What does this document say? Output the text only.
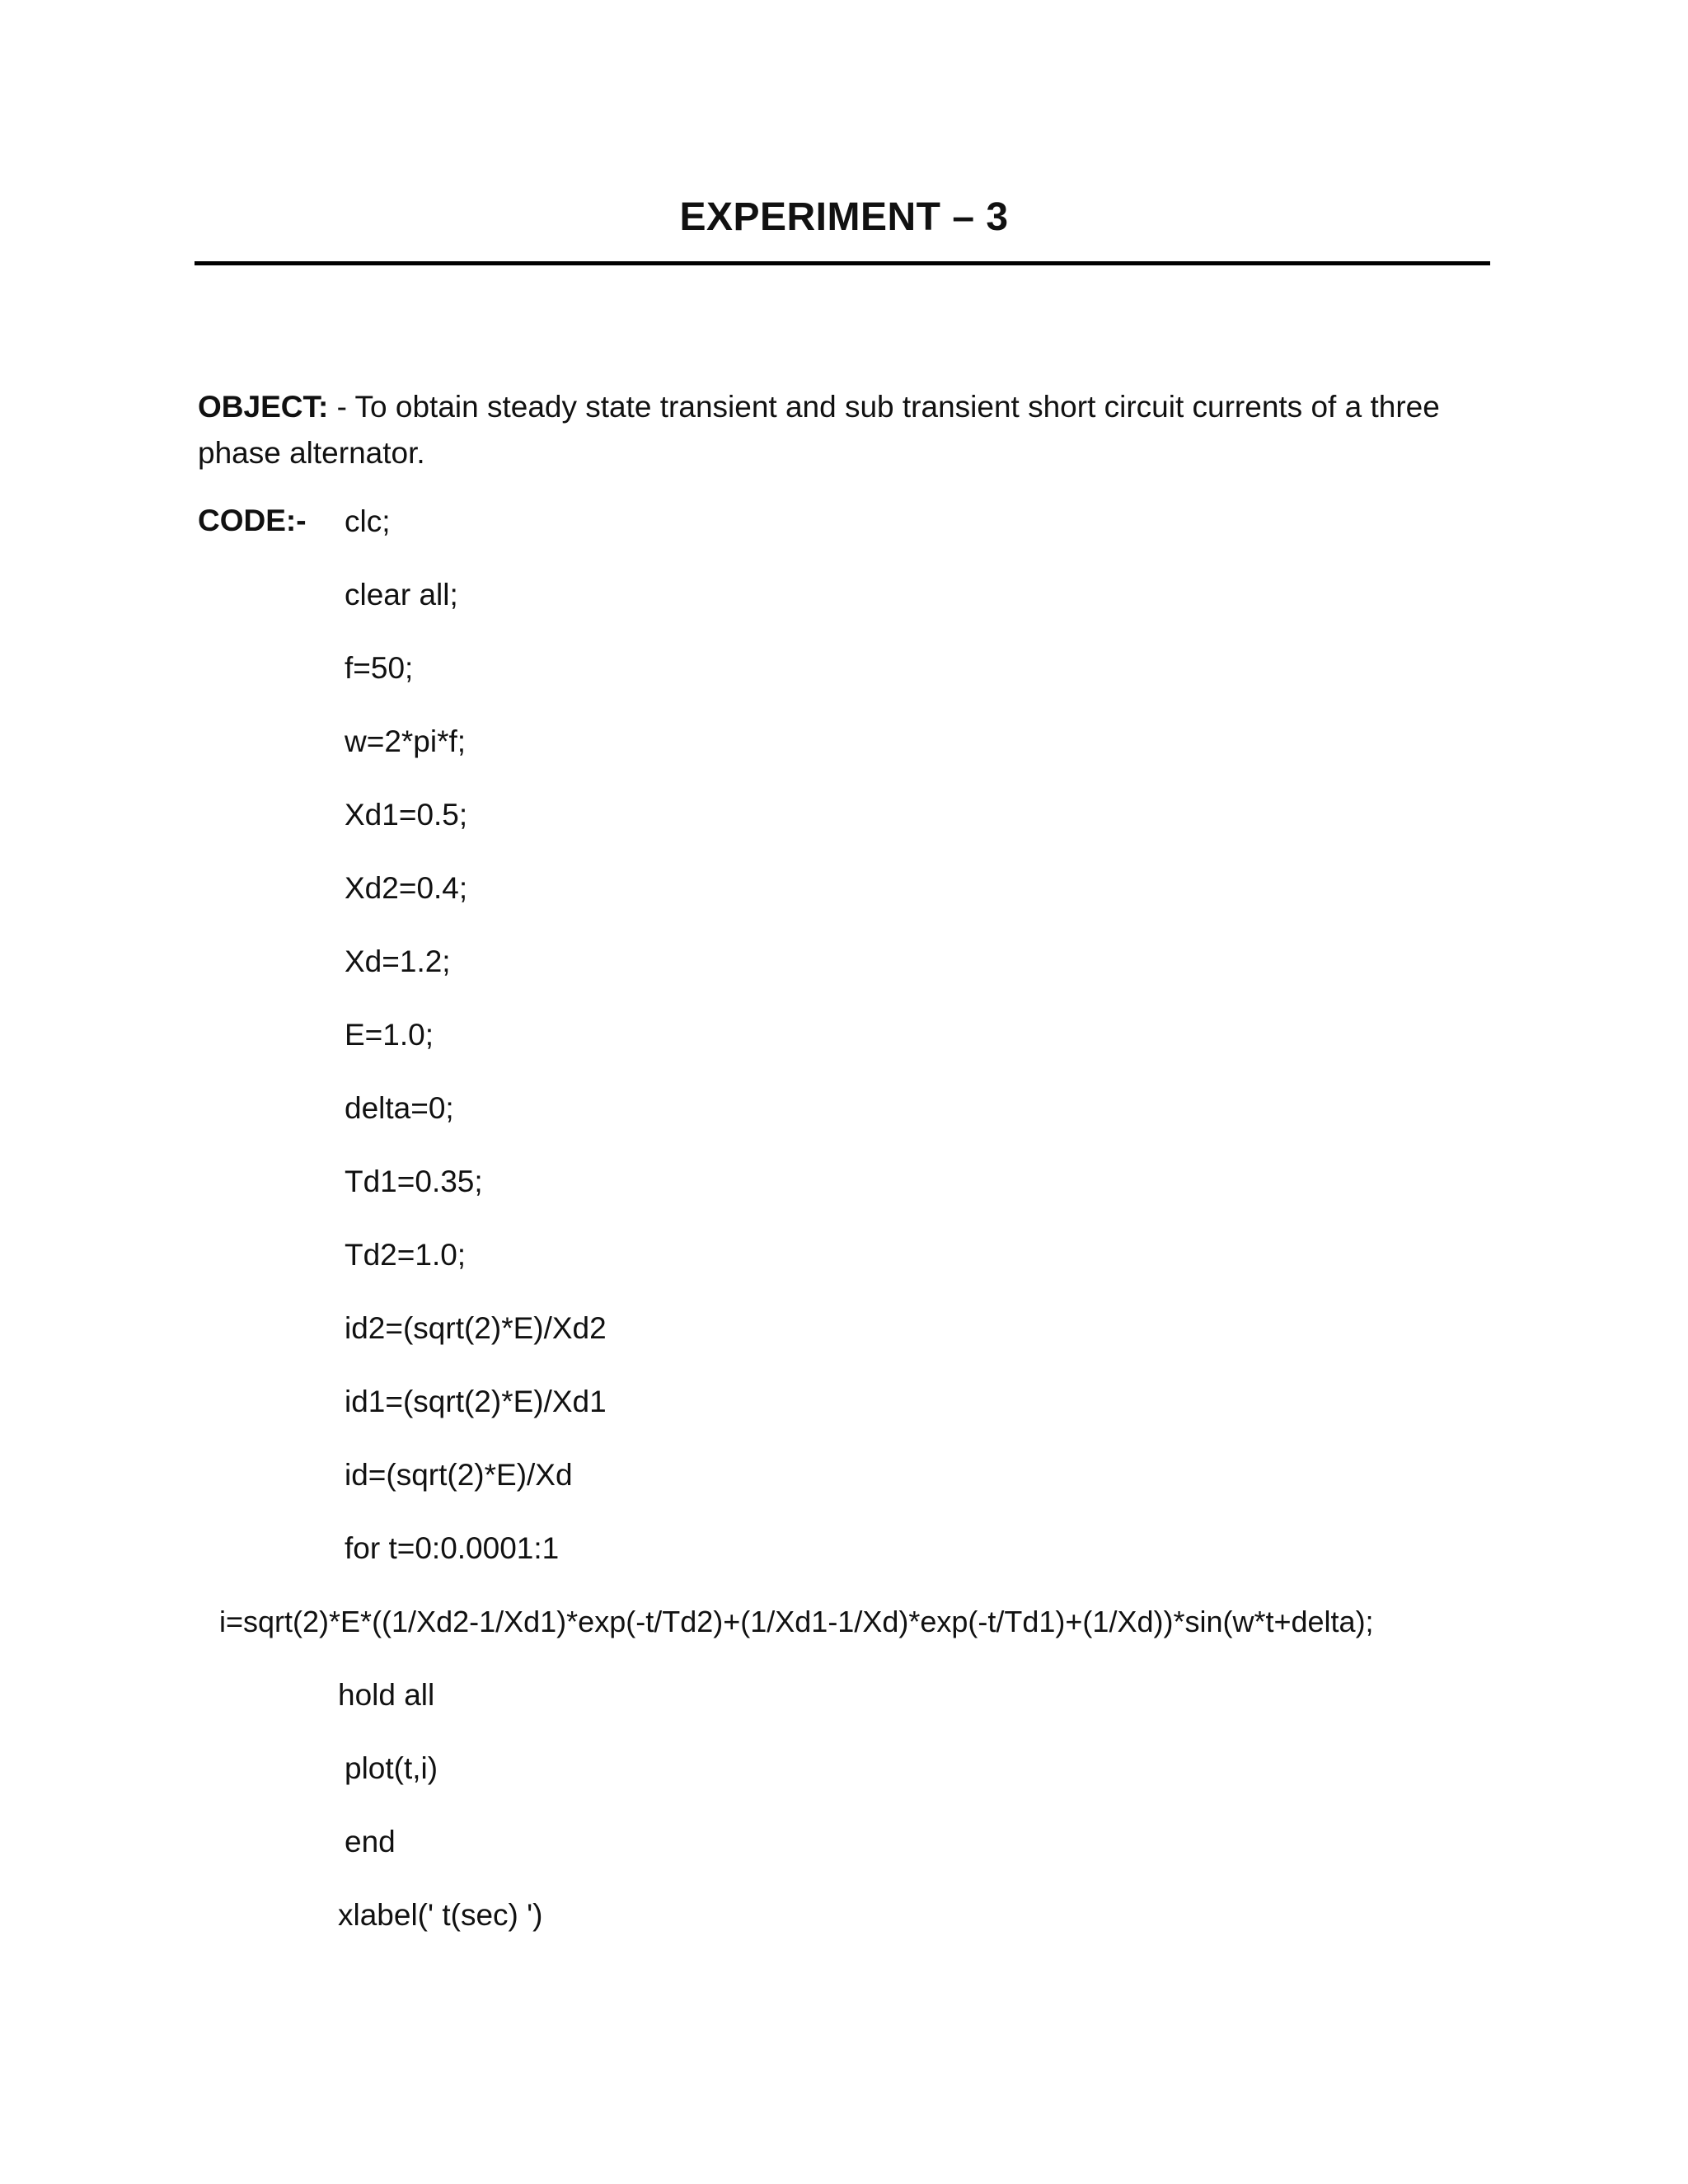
EXPERIMENT – 3
OBJECT: - To obtain steady state transient and sub transient short circuit currents of a three phase alternator.
CODE:- clc;
clear all;
f=50;
w=2*pi*f;
Xd1=0.5;
Xd2=0.4;
Xd=1.2;
E=1.0;
delta=0;
Td1=0.35;
Td2=1.0;
id2=(sqrt(2)*E)/Xd2
id1=(sqrt(2)*E)/Xd1
id=(sqrt(2)*E)/Xd
for t=0:0.0001:1
i=sqrt(2)*E*((1/Xd2-1/Xd1)*exp(-t/Td2)+(1/Xd1-1/Xd)*exp(-t/Td1)+(1/Xd))*sin(w*t+delta);
hold all
plot(t,i)
end
xlabel(' t(sec) ')
